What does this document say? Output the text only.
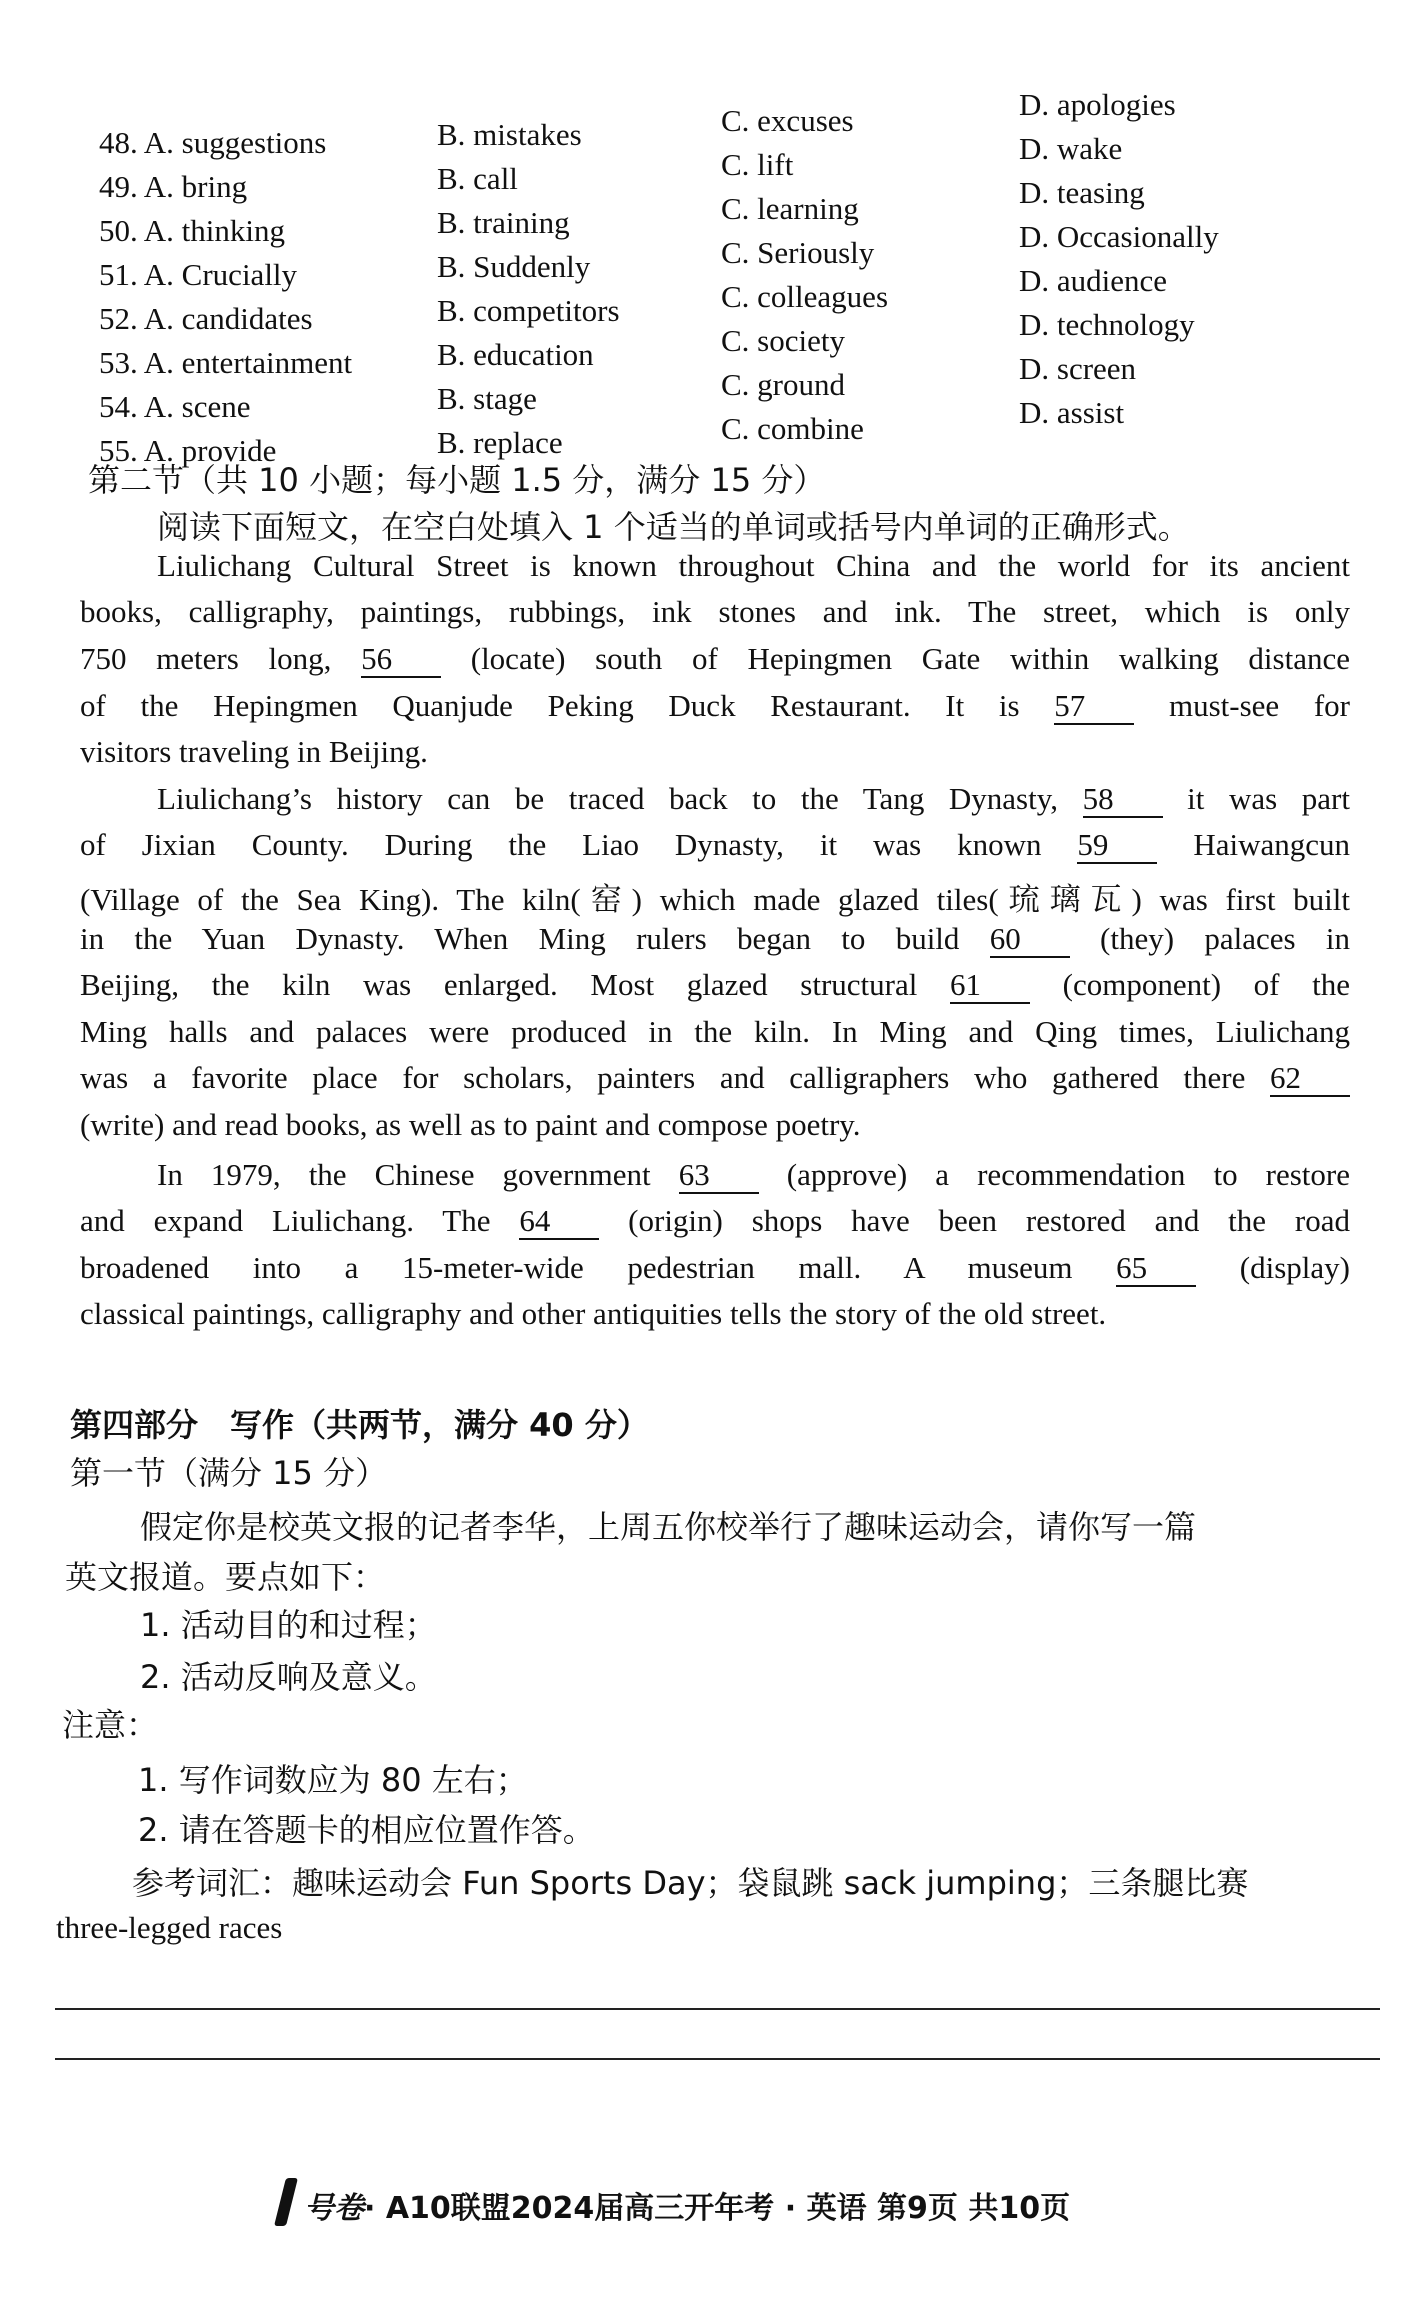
48. A. suggestions	B. mistakes	C. excuses	D. apologies
49. A. bring	B. call	C. lift	D. wake
50. A. thinking	B. training	C. learning	D. teasing
51. A. Crucially	B. Suddenly	C. Seriously	D. Occasionally
52. A. candidates	B. competitors	C. colleagues	D. audience
53. A. entertainment	B. education	C. society	D. technology
54. A. scene	B. stage	C. ground	D. screen
55. A. provide	B. replace	C. combine	D. assist
第二节（共 10 小题；每小题 1.5 分，满分 15 分）
阅读下面短文，在空白处填入 1 个适当的单词或括号内单词的正确形式。
Liulichang Cultural Street is known throughout China and the world for its ancient
books, calligraphy, paintings, rubbings, ink stones and ink. The street, which is only
750 meters long, 56 (locate) south of Hepingmen Gate within walking distance
of the Hepingmen Quanjude Peking Duck Restaurant. It is 57 must-see for
visitors traveling in Beijing.
Liulichang’s history can be traced back to the Tang Dynasty, 58 it was part
of Jixian County. During the Liao Dynasty, it was known 59 Haiwangcun
(Village of the Sea King). The kiln(窑) which made glazed tiles(琉璃瓦) was first built
in the Yuan Dynasty. When Ming rulers began to build 60 (they) palaces in
Beijing, the kiln was enlarged. Most glazed structural 61 (component) of the
Ming halls and palaces were produced in the kiln. In Ming and Qing times, Liulichang
was a favorite place for scholars, painters and calligraphers who gathered there 62
(write) and read books, as well as to paint and compose poetry.
In 1979, the Chinese government 63 (approve) a recommendation to restore
and expand Liulichang. The 64 (origin) shops have been restored and the road
broadened into a 15-meter-wide pedestrian mall. A museum 65 (display)
classical paintings, calligraphy and other antiquities tells the story of the old street.
第四部分　写作（共两节，满分 40 分）
第一节（满分 15 分）
假定你是校英文报的记者李华，上周五你校举行了趣味运动会，请你写一篇
英文报道。要点如下：
1. 活动目的和过程；
2. 活动反响及意义。
注意：
1. 写作词数应为 80 左右；
2. 请在答题卡的相应位置作答。
参考词汇：趣味运动会 Fun Sports Day；袋鼠跳 sack jumping；三条腿比赛
three-legged races
号卷· A10联盟2024届高三开年考 · 英语 第9页 共10页
